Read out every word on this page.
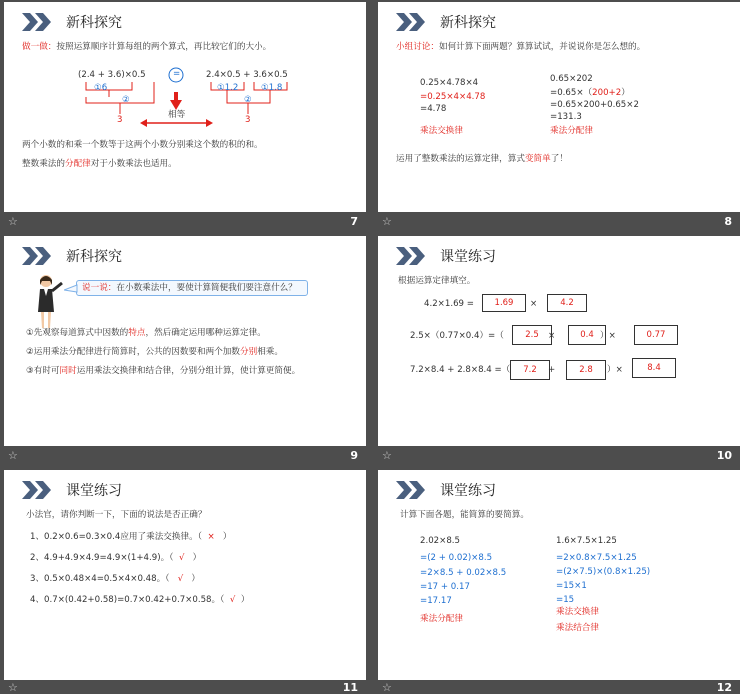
新科探究
做一做：按照运算顺序计算每组的两个算式，再比较它们的大小。
(2.4 + 3.6)×0.5	2.4×0.5 + 3.6×0.5
=
①6
②
3
①1.2	①1.8
②
3
相等
两个小数的和乘一个数等于这两个小数分别乘这个数的积的和。
整数乘法的分配律对于小数乘法也适用。
☆	7
新科探究
小组讨论：如何计算下面两题？算算试试，并说说你是怎么想的。
0.25×4.78×4
=0.25×4×4.78
=4.78
乘法交换律
0.65×202
=0.65×（200+2）
=0.65×200+0.65×2
=131.3
乘法分配律
运用了整数乘法的运算定律，算式变简单了！
☆	8
新科探究
说一说：在小数乘法中，要使计算简便我们要注意什么？
①先观察每道算式中因数的特点，然后确定运用哪种运算定律。
②运用乘法分配律进行简算时，公共的因数要和两个加数分别相乘。
③有时可同时运用乘法交换律和结合律，分别分组计算，使计算更简便。
☆	9
课堂练习
根据运算定律填空。
4.2×1.69 =	1.69	×	4.2
2.5×（0.77×0.4）=（	2.5	×	0.4 ）×	0.77
7.2×8.4 + 2.8×8.4 =（	7.2	+	2.8	）×	8.4
☆	10
课堂练习
小法官，请你判断一下，下面的说法是否正确？
1、0.2×0.6=0.3×0.4应用了乘法交换律。（ × ）
2、4.9+4.9×4.9=4.9×(1+4.9)。（ √ ）
3、0.5×0.48×4=0.5×4×0.48。（ √ ）
4、0.7×(0.42+0.58)=0.7×0.42+0.7×0.58。（ √ ）
☆	11
课堂练习
计算下面各题，能简算的要简算。
2.02×8.5
=(2 + 0.02)×8.5
=2×8.5 + 0.02×8.5
=17 + 0.17
=17.17
乘法分配律
1.6×7.5×1.25
=2×0.8×7.5×1.25
=(2×7.5)×(0.8×1.25)
=15×1
=15
乘法交换律
乘法结合律
☆	12
